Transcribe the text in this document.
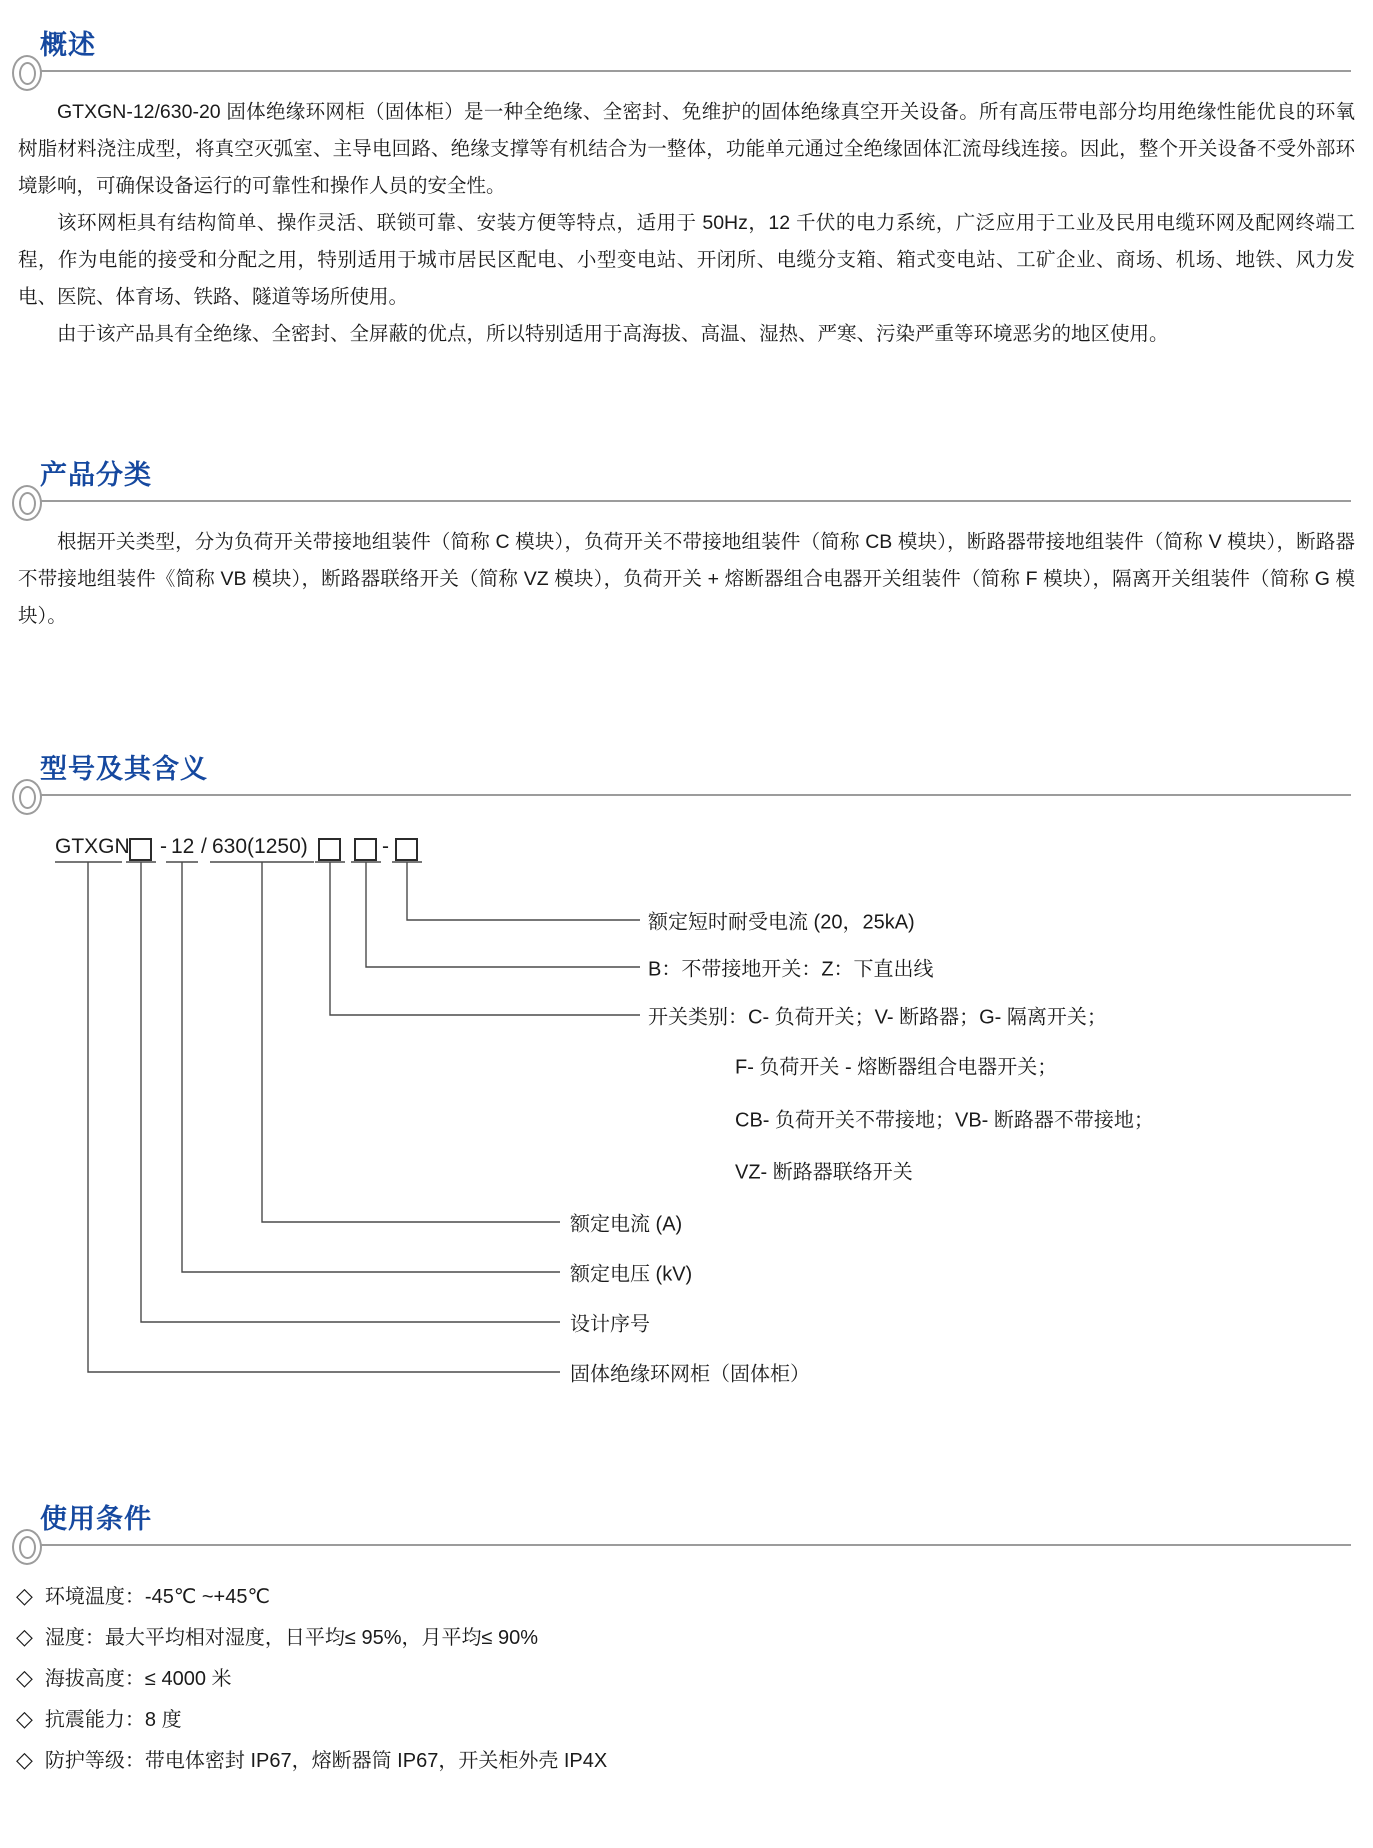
概述

GTXGN-12/630-20 固体绝缘环网柜（固体柜）是一种全绝缘、全密封、免维护的固体绝缘真空开关设备。所有高压带电部分均用绝缘性能优良的环氧树脂材料浇注成型，将真空灭弧室、主导电回路、绝缘支撑等有机结合为一整体，功能单元通过全绝缘固体汇流母线连接。因此，整个开关设备不受外部环境影响，可确保设备运行的可靠性和操作人员的安全性。

该环网柜具有结构简单、操作灵活、联锁可靠、安装方便等特点，适用于 50Hz，12 千伏的电力系统，广泛应用于工业及民用电缆环网及配网终端工程，作为电能的接受和分配之用，特别适用于城市居民区配电、小型变电站、开闭所、电缆分支箱、箱式变电站、工矿企业、商场、机场、地铁、风力发电、医院、体育场、铁路、隧道等场所使用。

由于该产品具有全绝缘、全密封、全屏蔽的优点，所以特别适用于高海拔、高温、湿热、严寒、污染严重等环境恶劣的地区使用。

产品分类

根据开关类型，分为负荷开关带接地组装件（简称 C 模块），负荷开关不带接地组装件（简称 CB 模块），断路器带接地组装件（简称 V 模块），断路器不带接地组装件《简称 VB 模块），断路器联络开关（简称 VZ 模块），负荷开关 + 熔断器组合电器开关组装件（简称 F 模块），隔离开关组装件（简称 G 模块）。

型号及其含义
GTXGN - 12 / 630(1250)	-
额定短时耐受电流 (20，25kA)
B：不带接地开关：Z：下直出线
开关类别：C- 负荷开关；V- 断路器；G- 隔离开关；
F- 负荷开关 - 熔断器组合电器开关；
CB- 负荷开关不带接地；VB- 断路器不带接地；
VZ- 断路器联络开关
额定电流 (A)
额定电压 (kV)
设计序号
固体绝缘环网柜（固体柜）
使用条件
◇ 环境温度：-45℃ ~+45℃
◇ 湿度：最大平均相对湿度，日平均≤ 95%，月平均≤ 90%
◇ 海拔高度：≤ 4000 米
◇ 抗震能力：8 度
◇ 防护等级：带电体密封 IP67，熔断器筒 IP67，开关柜外壳 IP4X
